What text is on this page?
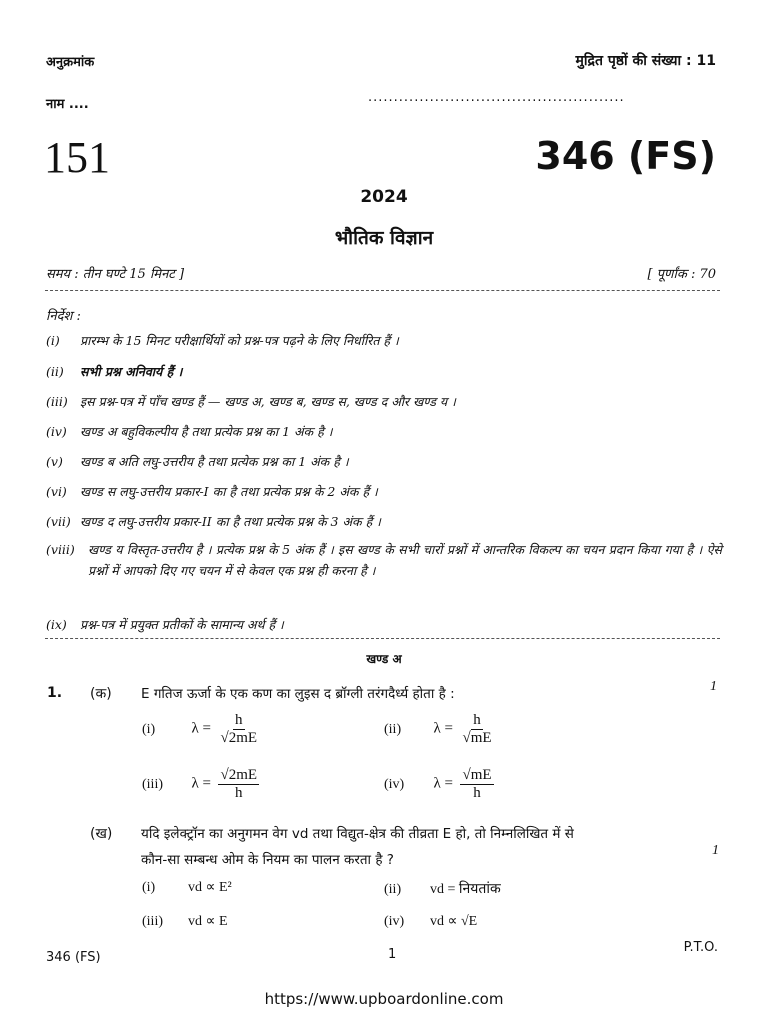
अनुक्रमांक	मुद्रित पृष्ठों की संख्या : 11
नाम ....	..................................................
151	346 (FS)
2024
भौतिक विज्ञान
समय : तीन घण्टे 15 मिनट ]	[ पूर्णांक : 70
निर्देश :
(i) प्रारम्भ के 15 मिनट परीक्षार्थियों को प्रश्न-पत्र पढ़ने के लिए निर्धारित हैं ।
(ii) सभी प्रश्न अनिवार्य हैं ।
(iii) इस प्रश्न-पत्र में पाँच खण्ड हैं — खण्ड अ, खण्ड ब, खण्ड स, खण्ड द और खण्ड य ।
(iv) खण्ड अ बहुविकल्पीय है तथा प्रत्येक प्रश्न का 1 अंक है ।
(v) खण्ड ब अति लघु-उत्तरीय है तथा प्रत्येक प्रश्न का 1 अंक है ।
(vi) खण्ड स लघु-उत्तरीय प्रकार-I का है तथा प्रत्येक प्रश्न के 2 अंक हैं ।
(vii) खण्ड द लघु-उत्तरीय प्रकार-II का है तथा प्रत्येक प्रश्न के 3 अंक हैं ।
(viii)	खण्ड य विस्तृत-उत्तरीय है । प्रत्येक प्रश्न के 5 अंक हैं । इस खण्ड के सभी चारों प्रश्नों में आन्तरिक विकल्प का चयन प्रदान किया गया है । ऐसे प्रश्नों में आपको दिए गए चयन में से केवल एक प्रश्न ही करना है ।
(ix) प्रश्न-पत्र में प्रयुक्त प्रतीकों के सामान्य अर्थ हैं ।
खण्ड अ
1. (क) E गतिज ऊर्जा के एक कण का लुइस द ब्रॉग्ली तरंगदैर्ध्य होता है :	1
(i) $\lambda = \frac{h}{√2mE}$	(ii) $\lambda = \frac{h}{√mE}$
(iii) $\lambda = \frac{√2mE}{h}$	(iv) $\lambda = \frac{√mE}{h}$
(ख) यदि इलेक्ट्रॉन का अनुगमन वेग vd तथा विद्युत-क्षेत्र की तीव्रता E हो, तो निम्नलिखित में से
कौन-सा सम्बन्ध ओम के नियम का पालन करता है ?
1
(i) vd ∝ E²	(ii) vd = नियतांक
(iii) vd ∝ E	(iv) vd ∝ √E
346 (FS)	1	P.T.O.
https://www.upboardonline.com
